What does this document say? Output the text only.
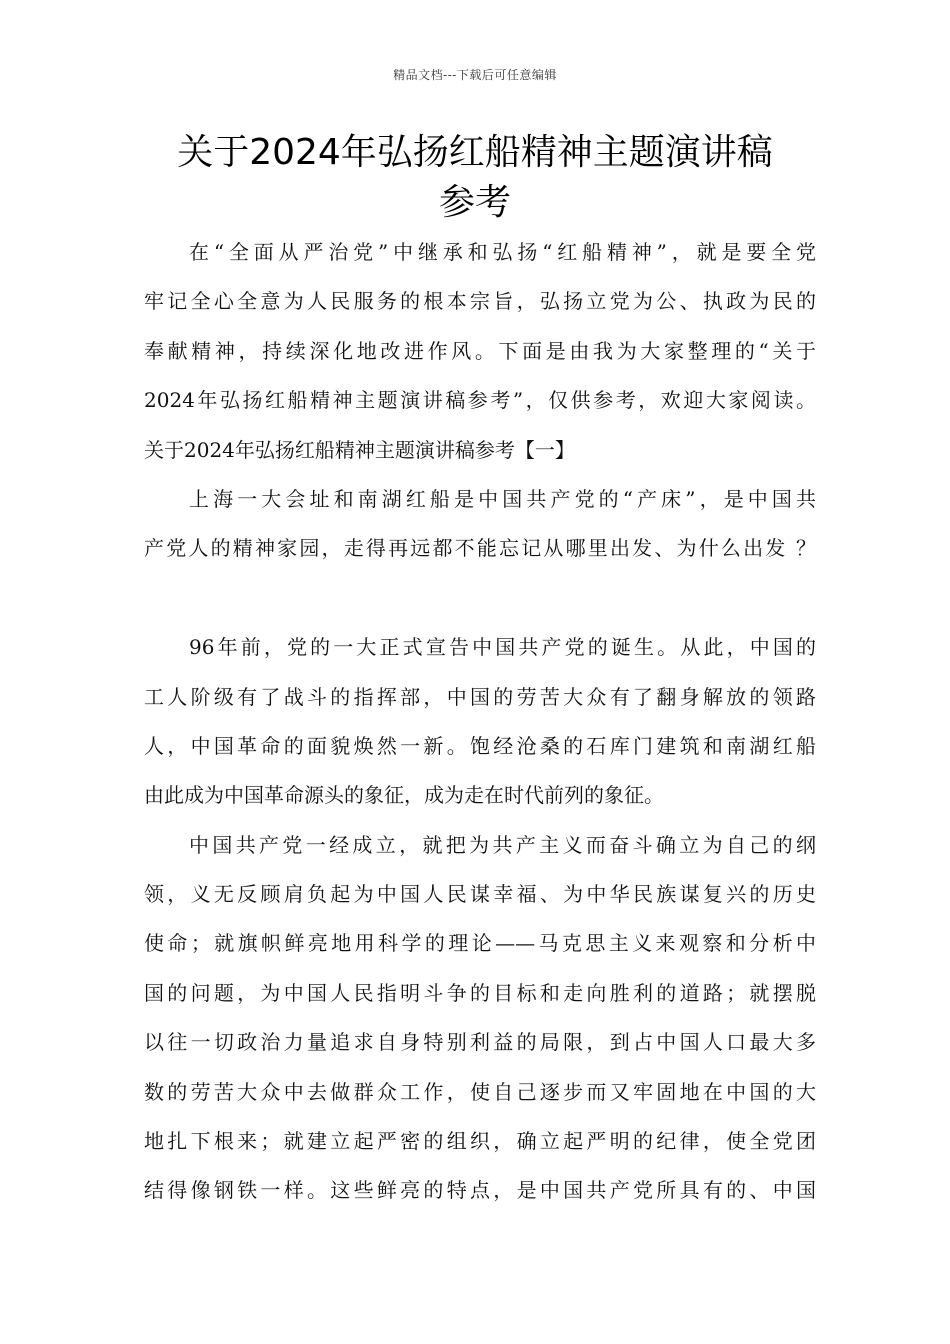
精品文档---下载后可任意编辑
关于2024年弘扬红船精神主题演讲稿
参考
在“全面从严治党”中继承和弘扬“红船精神”，就是要全党
牢记全心全意为人民服务的根本宗旨，弘扬立党为公、执政为民的
奉献精神，持续深化地改进作风。下面是由我为大家整理的“关于
2024年弘扬红船精神主题演讲稿参考”，仅供参考，欢迎大家阅读。
关于2024年弘扬红船精神主题演讲稿参考【一】
上海一大会址和南湖红船是中国共产党的“产床”，是中国共
产党人的精神家园，走得再远都不能忘记从哪里出发、为什么出发 ？
96年前，党的一大正式宣告中国共产党的诞生。从此，中国的
工人阶级有了战斗的指挥部，中国的劳苦大众有了翻身解放的领路
人，中国革命的面貌焕然一新。饱经沧桑的石库门建筑和南湖红船
由此成为中国革命源头的象征，成为走在时代前列的象征。
中国共产党一经成立，就把为共产主义而奋斗确立为自己的纲
领，义无反顾肩负起为中国人民谋幸福、为中华民族谋复兴的历史
使命；就旗帜鲜亮地用科学的理论——马克思主义来观察和分析中
国的问题，为中国人民指明斗争的目标和走向胜利的道路；就摆脱
以往一切政治力量追求自身特别利益的局限，到占中国人口最大多
数的劳苦大众中去做群众工作，使自己逐步而又牢固地在中国的大
地扎下根来；就建立起严密的组织，确立起严明的纪律，使全党团
结得像钢铁一样。这些鲜亮的特点，是中国共产党所具有的、中国
